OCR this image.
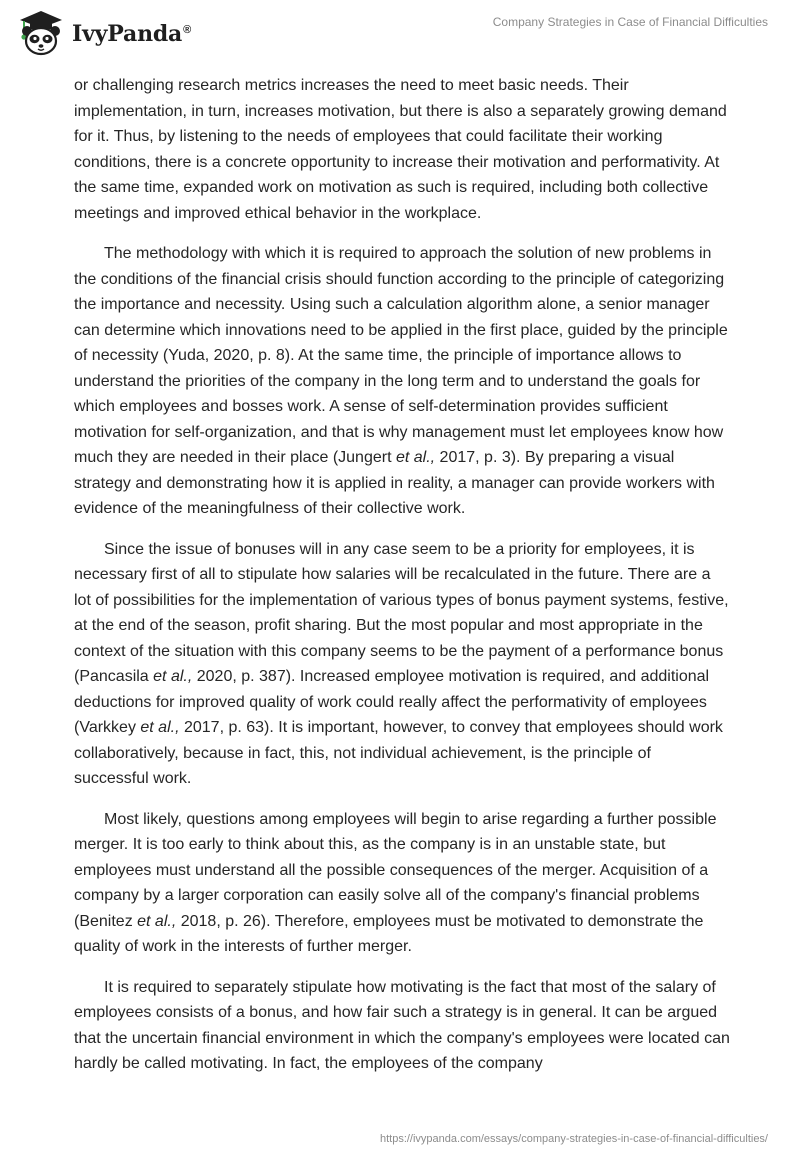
IvyPanda®
Company Strategies in Case of Financial Difficulties

or challenging research metrics increases the need to meet basic needs. Their implementation, in turn, increases motivation, but there is also a separately growing demand for it. Thus, by listening to the needs of employees that could facilitate their working conditions, there is a concrete opportunity to increase their motivation and performativity. At the same time, expanded work on motivation as such is required, including both collective meetings and improved ethical behavior in the workplace.

The methodology with which it is required to approach the solution of new problems in the conditions of the financial crisis should function according to the principle of categorizing the importance and necessity. Using such a calculation algorithm alone, a senior manager can determine which innovations need to be applied in the first place, guided by the principle of necessity (Yuda, 2020, p. 8). At the same time, the principle of importance allows to understand the priorities of the company in the long term and to understand the goals for which employees and bosses work. A sense of self-determination provides sufficient motivation for self-organization, and that is why management must let employees know how much they are needed in their place (Jungert et al., 2017, p. 3). By preparing a visual strategy and demonstrating how it is applied in reality, a manager can provide workers with evidence of the meaningfulness of their collective work.

Since the issue of bonuses will in any case seem to be a priority for employees, it is necessary first of all to stipulate how salaries will be recalculated in the future. There are a lot of possibilities for the implementation of various types of bonus payment systems, festive, at the end of the season, profit sharing. But the most popular and most appropriate in the context of the situation with this company seems to be the payment of a performance bonus (Pancasila et al., 2020, p. 387). Increased employee motivation is required, and additional deductions for improved quality of work could really affect the performativity of employees (Varkkey et al., 2017, p. 63). It is important, however, to convey that employees should work collaboratively, because in fact, this, not individual achievement, is the principle of successful work.

Most likely, questions among employees will begin to arise regarding a further possible merger. It is too early to think about this, as the company is in an unstable state, but employees must understand all the possible consequences of the merger. Acquisition of a company by a larger corporation can easily solve all of the company's financial problems (Benitez et al., 2018, p. 26). Therefore, employees must be motivated to demonstrate the quality of work in the interests of further merger.

It is required to separately stipulate how motivating is the fact that most of the salary of employees consists of a bonus, and how fair such a strategy is in general. It can be argued that the uncertain financial environment in which the company's employees were located can hardly be called motivating. In fact, the employees of the company

https://ivypanda.com/essays/company-strategies-in-case-of-financial-difficulties/
